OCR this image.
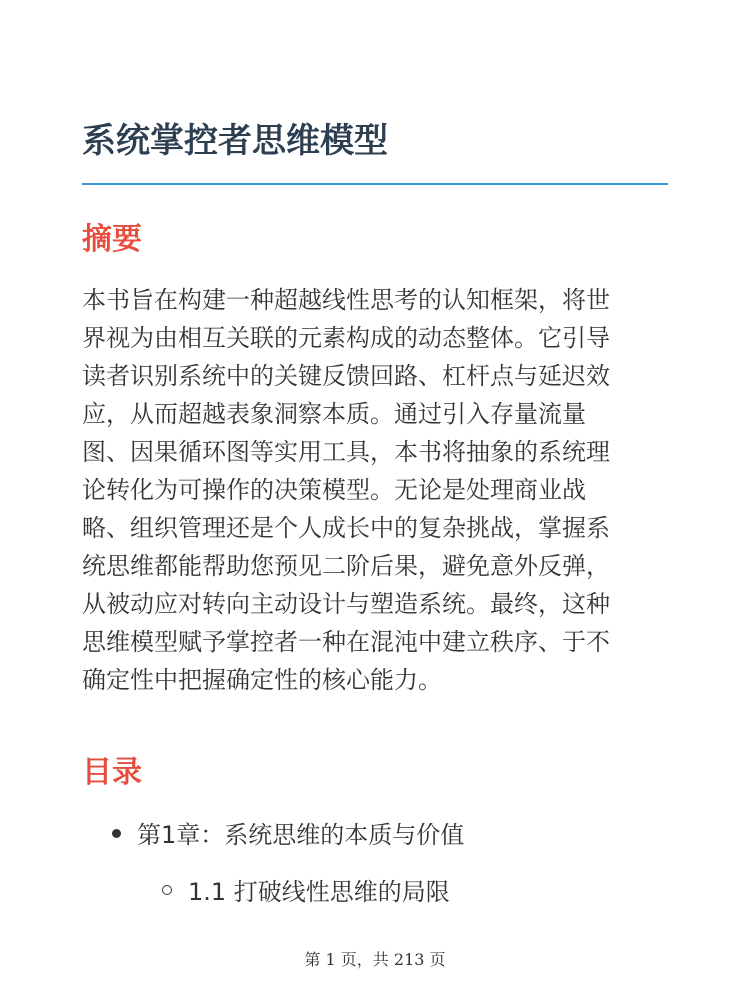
系统掌控者思维模型
摘要

本书旨在构建一种超越线性思考的认知框架，将世
界视为由相互关联的元素构成的动态整体。它引导
读者识别系统中的关键反馈回路、杠杆点与延迟效
应，从而超越表象洞察本质。通过引入存量流量
图、因果循环图等实用工具，本书将抽象的系统理
论转化为可操作的决策模型。无论是处理商业战
略、组织管理还是个人成长中的复杂挑战，掌握系
统思维都能帮助您预见二阶后果，避免意外反弹，
从被动应对转向主动设计与塑造系统。最终，这种
思维模型赋予掌控者一种在混沌中建立秩序、于不
确定性中把握确定性的核心能力。

目录
第1章：系统思维的本质与价值
1.1 打破线性思维的局限
第 1 页，共 213 页
